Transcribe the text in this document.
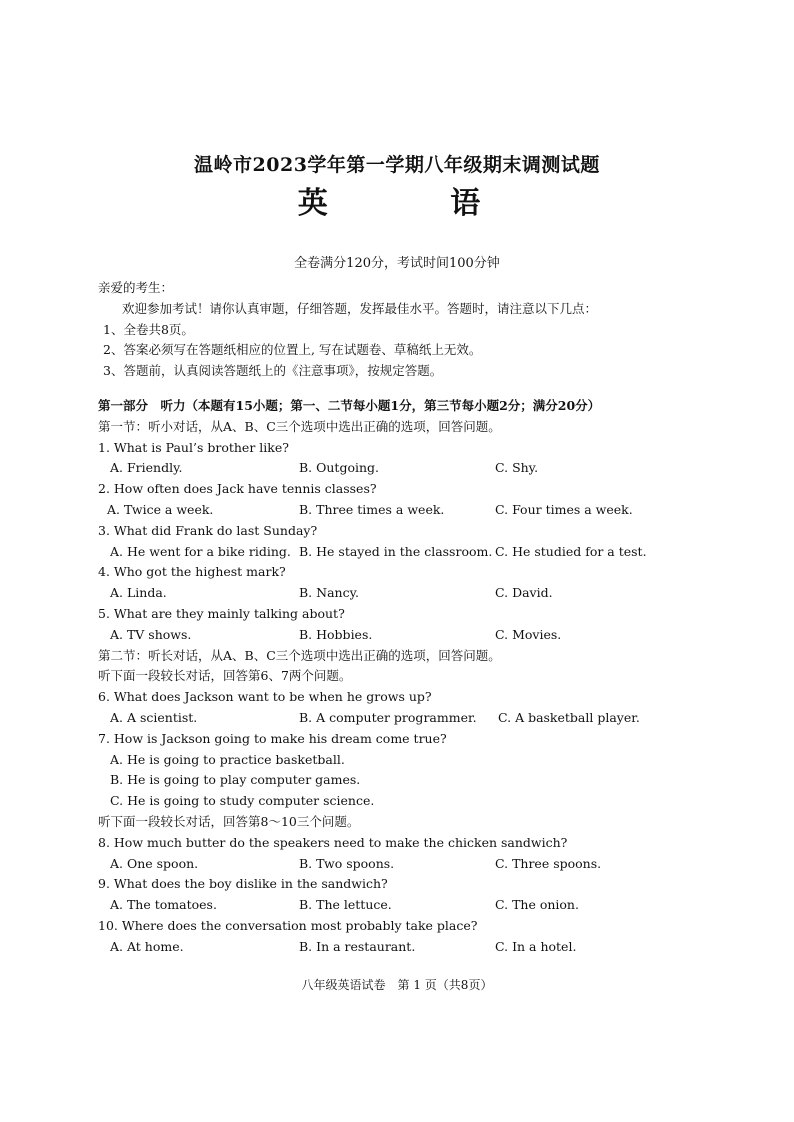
温岭市2023学年第一学期八年级期末调测试题
英 语
全卷满分120分，考试时间100分钟
亲爱的考生：
欢迎参加考试！请你认真审题，仔细答题，发挥最佳水平。答题时，请注意以下几点：
1、全卷共8页。
2、答案必须写在答题纸相应的位置上, 写在试题卷、草稿纸上无效。
3、答题前，认真阅读答题纸上的《注意事项》，按规定答题。
第一部分　听力（本题有15小题；第一、二节每小题1分，第三节每小题2分；满分20分）
第一节：听小对话，从A、B、C三个选项中选出正确的选项，回答问题。
1. What is Paul’s brother like?
A. Friendly.	B. Outgoing.	C. Shy.
2. How often does Jack have tennis classes?
A. Twice a week.	B. Three times a week.	C. Four times a week.
3. What did Frank do last Sunday?
A. He went for a bike riding. B. He stayed in the classroom. C. He studied for a test.
4. Who got the highest mark?
A. Linda.	B. Nancy.	C. David.
5. What are they mainly talking about?
A. TV shows.	B. Hobbies.	C. Movies.
第二节：听长对话，从A、B、C三个选项中选出正确的选项，回答问题。
听下面一段较长对话，回答第6、7两个问题。
6. What does Jackson want to be when he grows up?
A. A scientist.	B. A computer programmer. C. A basketball player.
7. How is Jackson going to make his dream come true?
A. He is going to practice basketball.
B. He is going to play computer games.
C. He is going to study computer science.
听下面一段较长对话，回答第8～10三个问题。
8. How much butter do the speakers need to make the chicken sandwich?
A. One spoon.	B. Two spoons.	C. Three spoons.
9. What does the boy dislike in the sandwich?
A. The tomatoes.	B. The lettuce.	C. The onion.
10. Where does the conversation most probably take place?
A. At home.	B. In a restaurant.	C. In a hotel.
八年级英语试卷　第 1 页（共8页）
